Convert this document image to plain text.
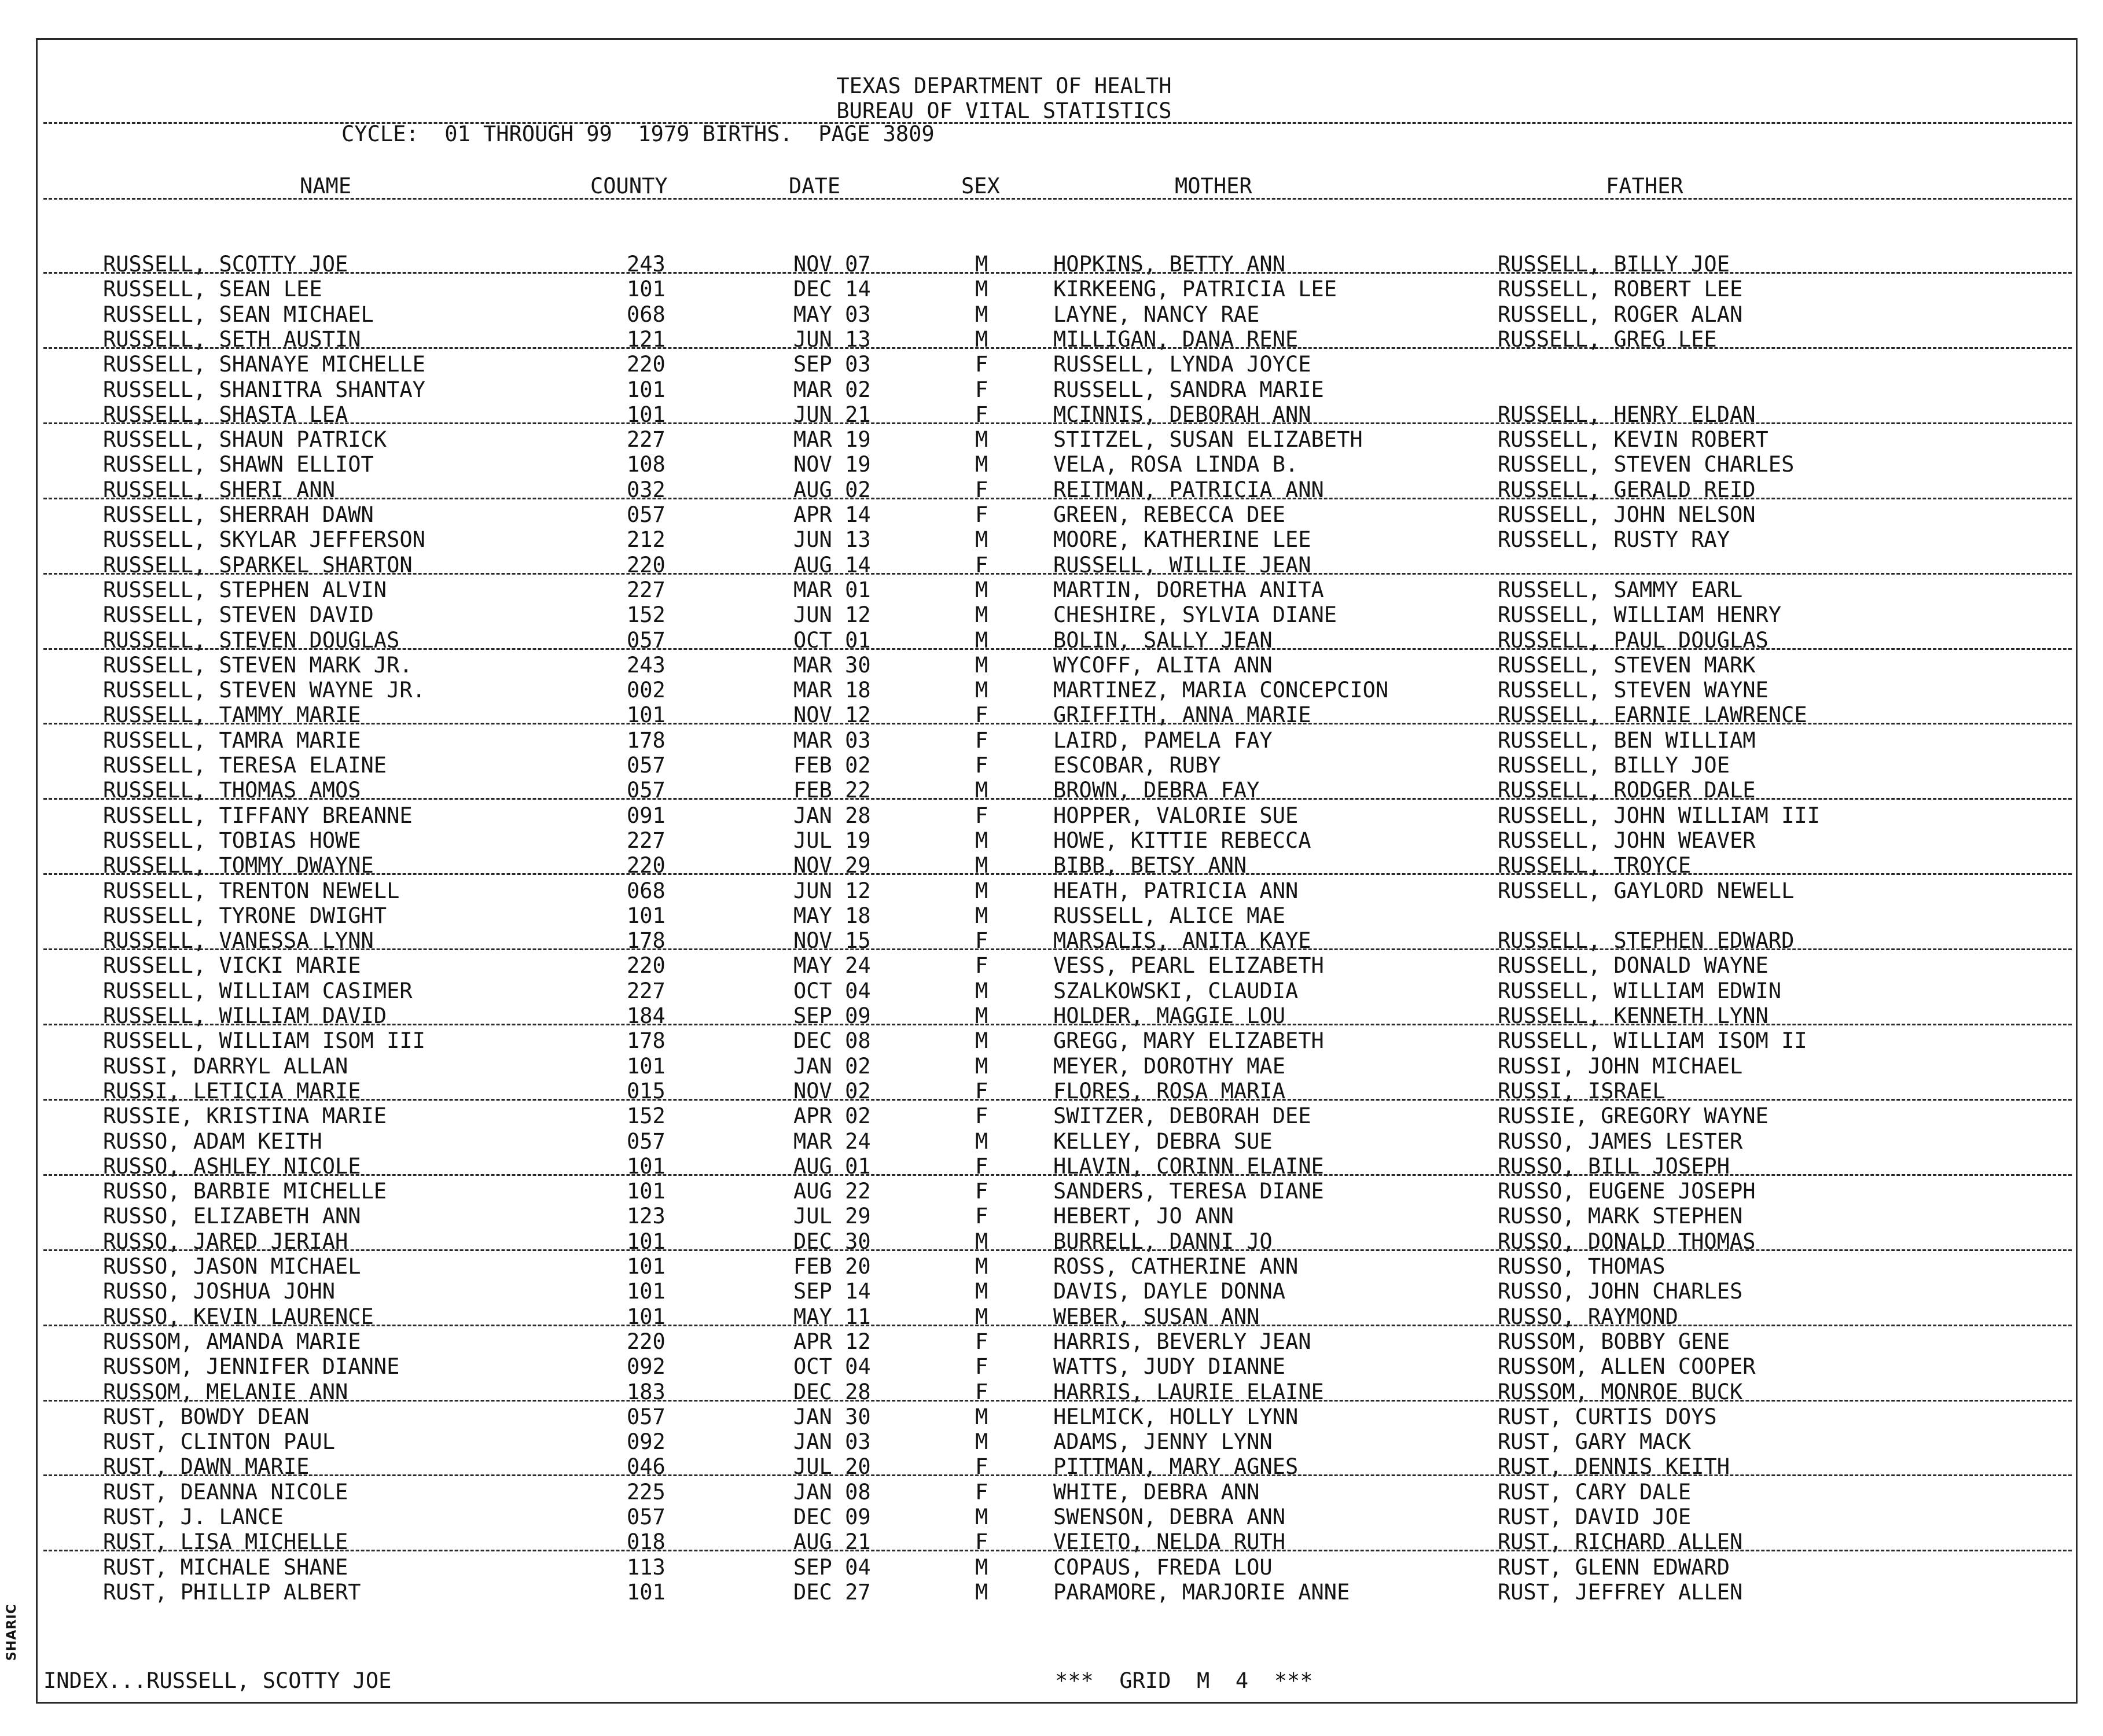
SHARIC
TEXAS DEPARTMENT OF HEALTH
BUREAU OF VITAL STATISTICS
CYCLE:  01 THROUGH 99  1979 BIRTHS.  PAGE 3809
NAME	COUNTY	DATE	SEX	MOTHER	FATHER
RUSSELL, SCOTTY JOE	243	NOV 07	M	HOPKINS, BETTY ANN	RUSSELL, BILLY JOE
RUSSELL, SEAN LEE	101	DEC 14	M	KIRKEENG, PATRICIA LEE	RUSSELL, ROBERT LEE
RUSSELL, SEAN MICHAEL	068	MAY 03	M	LAYNE, NANCY RAE	RUSSELL, ROGER ALAN
RUSSELL, SETH AUSTIN	121	JUN 13	M	MILLIGAN, DANA RENE	RUSSELL, GREG LEE
RUSSELL, SHANAYE MICHELLE	220	SEP 03	F	RUSSELL, LYNDA JOYCE
RUSSELL, SHANITRA SHANTAY	101	MAR 02	F	RUSSELL, SANDRA MARIE
RUSSELL, SHASTA LEA	101	JUN 21	F	MCINNIS, DEBORAH ANN	RUSSELL, HENRY ELDAN
RUSSELL, SHAUN PATRICK	227	MAR 19	M	STITZEL, SUSAN ELIZABETH	RUSSELL, KEVIN ROBERT
RUSSELL, SHAWN ELLIOT	108	NOV 19	M	VELA, ROSA LINDA B.	RUSSELL, STEVEN CHARLES
RUSSELL, SHERI ANN	032	AUG 02	F	REITMAN, PATRICIA ANN	RUSSELL, GERALD REID
RUSSELL, SHERRAH DAWN	057	APR 14	F	GREEN, REBECCA DEE	RUSSELL, JOHN NELSON
RUSSELL, SKYLAR JEFFERSON	212	JUN 13	M	MOORE, KATHERINE LEE	RUSSELL, RUSTY RAY
RUSSELL, SPARKEL SHARTON	220	AUG 14	F	RUSSELL, WILLIE JEAN
RUSSELL, STEPHEN ALVIN	227	MAR 01	M	MARTIN, DORETHA ANITA	RUSSELL, SAMMY EARL
RUSSELL, STEVEN DAVID	152	JUN 12	M	CHESHIRE, SYLVIA DIANE	RUSSELL, WILLIAM HENRY
RUSSELL, STEVEN DOUGLAS	057	OCT 01	M	BOLIN, SALLY JEAN	RUSSELL, PAUL DOUGLAS
RUSSELL, STEVEN MARK JR.	243	MAR 30	M	WYCOFF, ALITA ANN	RUSSELL, STEVEN MARK
RUSSELL, STEVEN WAYNE JR.	002	MAR 18	M	MARTINEZ, MARIA CONCEPCION	RUSSELL, STEVEN WAYNE
RUSSELL, TAMMY MARIE	101	NOV 12	F	GRIFFITH, ANNA MARIE	RUSSELL, EARNIE LAWRENCE
RUSSELL, TAMRA MARIE	178	MAR 03	F	LAIRD, PAMELA FAY	RUSSELL, BEN WILLIAM
RUSSELL, TERESA ELAINE	057	FEB 02	F	ESCOBAR, RUBY	RUSSELL, BILLY JOE
RUSSELL, THOMAS AMOS	057	FEB 22	M	BROWN, DEBRA FAY	RUSSELL, RODGER DALE
RUSSELL, TIFFANY BREANNE	091	JAN 28	F	HOPPER, VALORIE SUE	RUSSELL, JOHN WILLIAM III
RUSSELL, TOBIAS HOWE	227	JUL 19	M	HOWE, KITTIE REBECCA	RUSSELL, JOHN WEAVER
RUSSELL, TOMMY DWAYNE	220	NOV 29	M	BIBB, BETSY ANN	RUSSELL, TROYCE
RUSSELL, TRENTON NEWELL	068	JUN 12	M	HEATH, PATRICIA ANN	RUSSELL, GAYLORD NEWELL
RUSSELL, TYRONE DWIGHT	101	MAY 18	M	RUSSELL, ALICE MAE
RUSSELL, VANESSA LYNN	178	NOV 15	F	MARSALIS, ANITA KAYE	RUSSELL, STEPHEN EDWARD
RUSSELL, VICKI MARIE	220	MAY 24	F	VESS, PEARL ELIZABETH	RUSSELL, DONALD WAYNE
RUSSELL, WILLIAM CASIMER	227	OCT 04	M	SZALKOWSKI, CLAUDIA	RUSSELL, WILLIAM EDWIN
RUSSELL, WILLIAM DAVID	184	SEP 09	M	HOLDER, MAGGIE LOU	RUSSELL, KENNETH LYNN
RUSSELL, WILLIAM ISOM III	178	DEC 08	M	GREGG, MARY ELIZABETH	RUSSELL, WILLIAM ISOM II
RUSSI, DARRYL ALLAN	101	JAN 02	M	MEYER, DOROTHY MAE	RUSSI, JOHN MICHAEL
RUSSI, LETICIA MARIE	015	NOV 02	F	FLORES, ROSA MARIA	RUSSI, ISRAEL
RUSSIE, KRISTINA MARIE	152	APR 02	F	SWITZER, DEBORAH DEE	RUSSIE, GREGORY WAYNE
RUSSO, ADAM KEITH	057	MAR 24	M	KELLEY, DEBRA SUE	RUSSO, JAMES LESTER
RUSSO, ASHLEY NICOLE	101	AUG 01	F	HLAVIN, CORINN ELAINE	RUSSO, BILL JOSEPH
RUSSO, BARBIE MICHELLE	101	AUG 22	F	SANDERS, TERESA DIANE	RUSSO, EUGENE JOSEPH
RUSSO, ELIZABETH ANN	123	JUL 29	F	HEBERT, JO ANN	RUSSO, MARK STEPHEN
RUSSO, JARED JERIAH	101	DEC 30	M	BURRELL, DANNI JO	RUSSO, DONALD THOMAS
RUSSO, JASON MICHAEL	101	FEB 20	M	ROSS, CATHERINE ANN	RUSSO, THOMAS
RUSSO, JOSHUA JOHN	101	SEP 14	M	DAVIS, DAYLE DONNA	RUSSO, JOHN CHARLES
RUSSO, KEVIN LAURENCE	101	MAY 11	M	WEBER, SUSAN ANN	RUSSO, RAYMOND
RUSSOM, AMANDA MARIE	220	APR 12	F	HARRIS, BEVERLY JEAN	RUSSOM, BOBBY GENE
RUSSOM, JENNIFER DIANNE	092	OCT 04	F	WATTS, JUDY DIANNE	RUSSOM, ALLEN COOPER
RUSSOM, MELANIE ANN	183	DEC 28	F	HARRIS, LAURIE ELAINE	RUSSOM, MONROE BUCK
RUST, BOWDY DEAN	057	JAN 30	M	HELMICK, HOLLY LYNN	RUST, CURTIS DOYS
RUST, CLINTON PAUL	092	JAN 03	M	ADAMS, JENNY LYNN	RUST, GARY MACK
RUST, DAWN MARIE	046	JUL 20	F	PITTMAN, MARY AGNES	RUST, DENNIS KEITH
RUST, DEANNA NICOLE	225	JAN 08	F	WHITE, DEBRA ANN	RUST, CARY DALE
RUST, J. LANCE	057	DEC 09	M	SWENSON, DEBRA ANN	RUST, DAVID JOE
RUST, LISA MICHELLE	018	AUG 21	F	VEIETO, NELDA RUTH	RUST, RICHARD ALLEN
RUST, MICHALE SHANE	113	SEP 04	M	COPAUS, FREDA LOU	RUST, GLENN EDWARD
RUST, PHILLIP ALBERT	101	DEC 27	M	PARAMORE, MARJORIE ANNE	RUST, JEFFREY ALLEN
INDEX...RUSSELL, SCOTTY JOE	***  GRID  M  4  ***
